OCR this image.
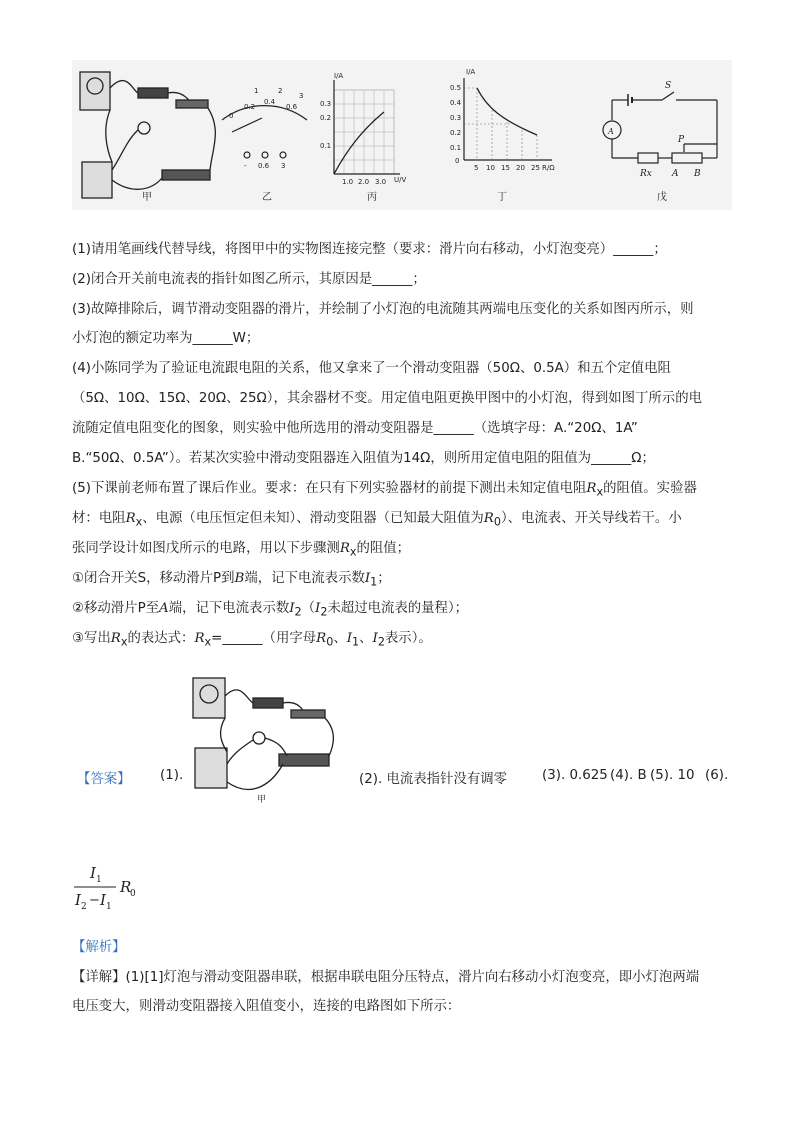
甲
0
0.2
0.4
0.6
1	2
3
- 0.6 3
乙
I/A
U/V
0.1
0.2
0.3
1.0 2.0 3.0
丙
I/A
R/Ω
0.5
0.4
0.3
0.2
0.1
0
5 10 15 20 25
丁
S
A
P
Rx A B
戊
(1)请用笔画线代替导线，将图甲中的实物图连接完整（要求：滑片向右移动，小灯泡变亮）______；
(2)闭合开关前电流表的指针如图乙所示，其原因是______；
(3)故障排除后，调节滑动变阻器的滑片，并绘制了小灯泡的电流随其两端电压变化的关系如图丙所示，则
小灯泡的额定功率为______W；
(4)小陈同学为了验证电流跟电阻的关系，他又拿来了一个滑动变阻器（50Ω、0.5A）和五个定值电阻
（5Ω、10Ω、15Ω、20Ω、25Ω），其余器材不变。用定值电阻更换甲图中的小灯泡，得到如图丁所示的电
流随定值电阻变化的图象，则实验中他所选用的滑动变阻器是______（选填字母：A.“20Ω、1A”
B.“50Ω、0.5A”）。若某次实验中滑动变阻器连入阻值为14Ω，则所用定值电阻的阻值为______Ω；
(5)下课前老师布置了课后作业。要求：在只有下列实验器材的前提下测出未知定值电阻$R_x$的阻值。实验器
材：电阻$R_x$、电源（电压恒定但未知）、滑动变阻器（已知最大阻值为$R_0$）、电流表、开关导线若干。小
张同学设计如图戊所示的电路，用以下步骤测$R_x$的阻值；
①闭合开关S，移动滑片P到B端，记下电流表示数$I_1$；
②移动滑片P至A端，记下电流表示数$I_2(I_2$未超过电流表的量程）；
③写出$R_x$的表达式：$R_x=\_\_\_\_\_\_$（用字母$R_0$、$I_1$、$I_2$表示）。
甲
【答案】 (1).	(2). 电流表指针没有调零	(3). 0.625 (4). B (5). 10 (6).
I 1
I 2 − I 1
R
0
【解析】
【详解】(1)[1]灯泡与滑动变阻器串联，根据串联电阻分压特点，滑片向右移动小灯泡变亮，即小灯泡两端
电压变大，则滑动变阻器接入阻值变小，连接的电路图如下所示：
